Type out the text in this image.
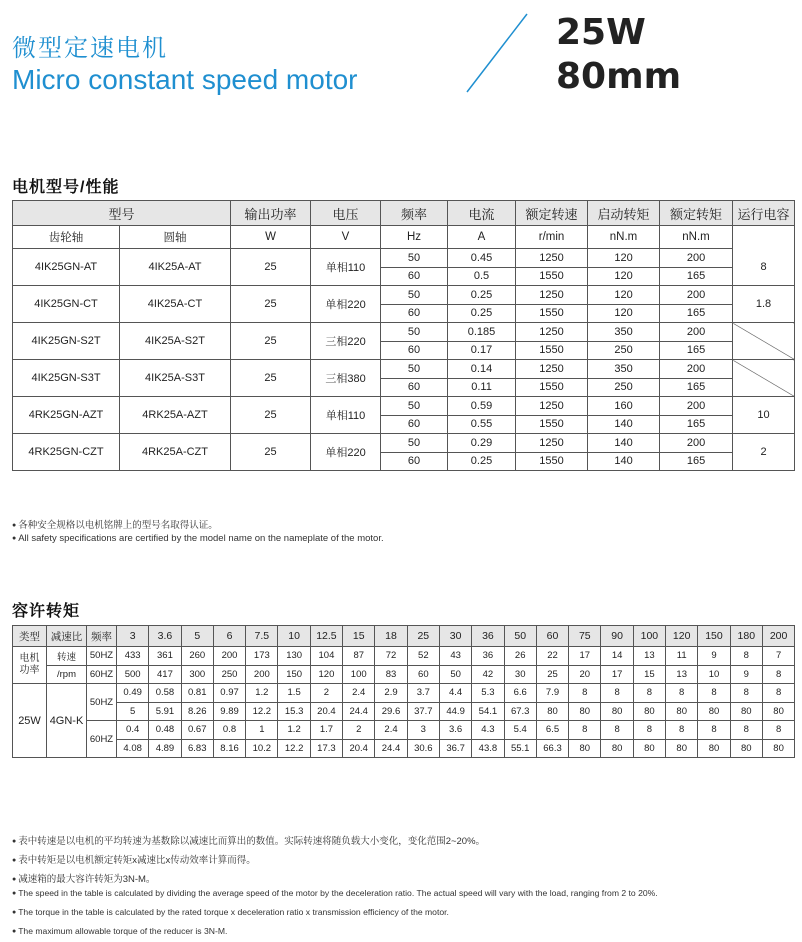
微型定速电机
Micro constant speed motor
25W
80mm
电机型号/性能
型号		输出功率	电压	频率	电流	额定转速	启动转矩	额定转矩	运行电容
齿轮轴	圆轴	W	V	Hz	A	r/min	nN.m	nN.m	
4IK25GN-AT	4IK25A-AT	25	单相110	50	0.45	1250	120	200	8
				60	0.5	1550	120	165	
4IK25GN-CT	4IK25A-CT	25	单相220	50	0.25	1250	120	200	1.8
				60	0.25	1550	120	165	
4IK25GN-S2T	4IK25A-S2T	25	三相220	50	0.185	1250	350	200	
				60	0.17	1550	250	165	
4IK25GN-S3T	4IK25A-S3T	25	三相380	50	0.14	1250	350	200	
				60	0.11	1550	250	165	
4RK25GN-AZT	4RK25A-AZT	25	单相110	50	0.59	1250	160	200	10
				60	0.55	1550	140	165	
4RK25GN-CZT	4RK25A-CZT	25	单相220	50	0.29	1250	140	200	2
				60	0.25	1550	140	165	
● 各种安全规格以电机铭牌上的型号名取得认证。
● All safety specifications are certified by the model name on the nameplate of the motor.
容许转矩
类型	减速比	频率	3	3.6	5	6	7.5	10	12.5	15	18	25	30	36	50	60	75	90	100	120	150	180	200

电机
功率	转速	50HZ	433	361	260	200	173	130	104	87	72	52	43	36	26	22	17	14	13	11	9	8	7
	/rpm	60HZ	500	417	300	250	200	150	120	100	83	60	50	42	30	25	20	17	15	13	10	9	8
25W	4GN-K	50HZ	0.49	0.58	0.81	0.97	1.2	1.5	2	2.4	2.9	3.7	4.4	5.3	6.6	7.9	8	8	8	8	8	8	8
			5	5.91	8.26	9.89	12.2	15.3	20.4	24.4	29.6	37.7	44.9	54.1	67.3	80	80	80	80	80	80	80	80
		60HZ	0.4	0.48	0.67	0.8	1	1.2	1.7	2	2.4	3	3.6	4.3	5.4	6.5	8	8	8	8	8	8	8
			4.08	4.89	6.83	8.16	10.2	12.2	17.3	20.4	24.4	30.6	36.7	43.8	55.1	66.3	80	80	80	80	80	80	80
● 表中转速是以电机的平均转速为基数除以减速比而算出的数值。实际转速将随负载大小变化，变化范围2~20%。
● 表中转矩是以电机额定转矩x减速比x传动效率计算而得。
● 减速箱的最大容许转矩为3N-M。
● The speed in the table is calculated by dividing the average speed of the motor by the deceleration ratio. The actual speed will vary with the load, ranging from 2 to 20%.
● The torque in the table is calculated by the rated torque x deceleration ratio x transmission efficiency of the motor.
● The maximum allowable torque of the reducer is 3N-M.
